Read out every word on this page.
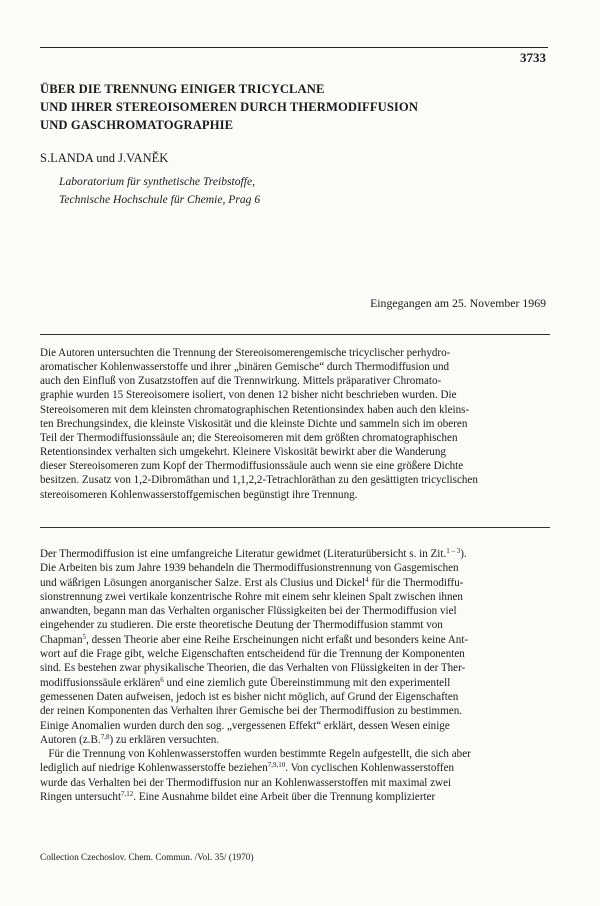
3733
ÜBER DIE TRENNUNG EINIGER TRICYCLANE
UND IHRER STEREOISOMEREN DURCH THERMODIFFUSION
UND GASCHROMATOGRAPHIE
S.LANDA und J.VANĚK
Laboratorium für synthetische Treibstoffe,
Technische Hochschule für Chemie, Prag 6
Eingegangen am 25. November 1969
Die Autoren untersuchten die Trennung der Stereoisomerengemische tricyclischer perhydro-
aromatischer Kohlenwasserstoffe und ihrer „binären Gemische“ durch Thermodiffusion und
auch den Einfluß von Zusatzstoffen auf die Trennwirkung. Mittels präparativer Chromato-
graphie wurden 15 Stereoisomere isoliert, von denen 12 bisher nicht beschrieben wurden. Die
Stereoisomeren mit dem kleinsten chromatographischen Retentionsindex haben auch den kleins-
ten Brechungsindex, die kleinste Viskosität und die kleinste Dichte und sammeln sich im oberen
Teil der Thermodiffusionssäule an; die Stereoisomeren mit dem größten chromatographischen
Retentionsindex verhalten sich umgekehrt. Kleinere Viskosität bewirkt aber die Wanderung
dieser Stereoisomeren zum Kopf der Thermodiffusionssäule auch wenn sie eine größere Dichte
besitzen. Zusatz von 1,2-Dibromäthan und 1,1,2,2-Tetrachloräthan zu den gesättigten tricyclischen
stereoisomeren Kohlenwasserstoffgemischen begünstigt ihre Trennung.
Der Thermodiffusion ist eine umfangreiche Literatur gewidmet (Literaturübersicht s. in Zit.$^{1 - 3}$).
Die Arbeiten bis zum Jahre 1939 behandeln die Thermodiffusionstrennung von Gasgemischen
und wäßrigen Lösungen anorganischer Salze. Erst als Clusius und Dickel$^4$ für die Thermodiffu-
sionstrennung zwei vertikale konzentrische Rohre mit einem sehr kleinen Spalt zwischen ihnen
anwandten, begann man das Verhalten organischer Flüssigkeiten bei der Thermodiffusion viel
eingehender zu studieren. Die erste theoretische Deutung der Thermodiffusion stammt von
Chapman$^5$, dessen Theorie aber eine Reihe Erscheinungen nicht erfaßt und besonders keine Ant-
wort auf die Frage gibt, welche Eigenschaften entscheidend für die Trennung der Komponenten
sind. Es bestehen zwar physikalische Theorien, die das Verhalten von Flüssigkeiten in der Ther-
modiffusionssäule erklären$^6$ und eine ziemlich gute Übereinstimmung mit den experimentell
gemessenen Daten aufweisen, jedoch ist es bisher nicht möglich, auf Grund der Eigenschaften
der reinen Komponenten das Verhalten ihrer Gemische bei der Thermodiffusion zu bestimmen.
Einige Anomalien wurden durch den sog. „vergessenen Effekt“ erklärt, dessen Wesen einige
Autoren (z.B.$^{7,8}$) zu erklären versuchten.
Für die Trennung von Kohlenwasserstoffen wurden bestimmte Regeln aufgestellt, die sich aber
lediglich auf niedrige Kohlenwasserstoffe beziehen$^{7,9,10}$. Von cyclischen Kohlenwasserstoffen
wurde das Verhalten bei der Thermodiffusion nur an Kohlenwasserstoffen mit maximal zwei
Ringen untersucht$^{7,12}$. Eine Ausnahme bildet eine Arbeit über die Trennung komplizierter
Collection Czechoslov. Chem. Commun. /Vol. 35/ (1970)
